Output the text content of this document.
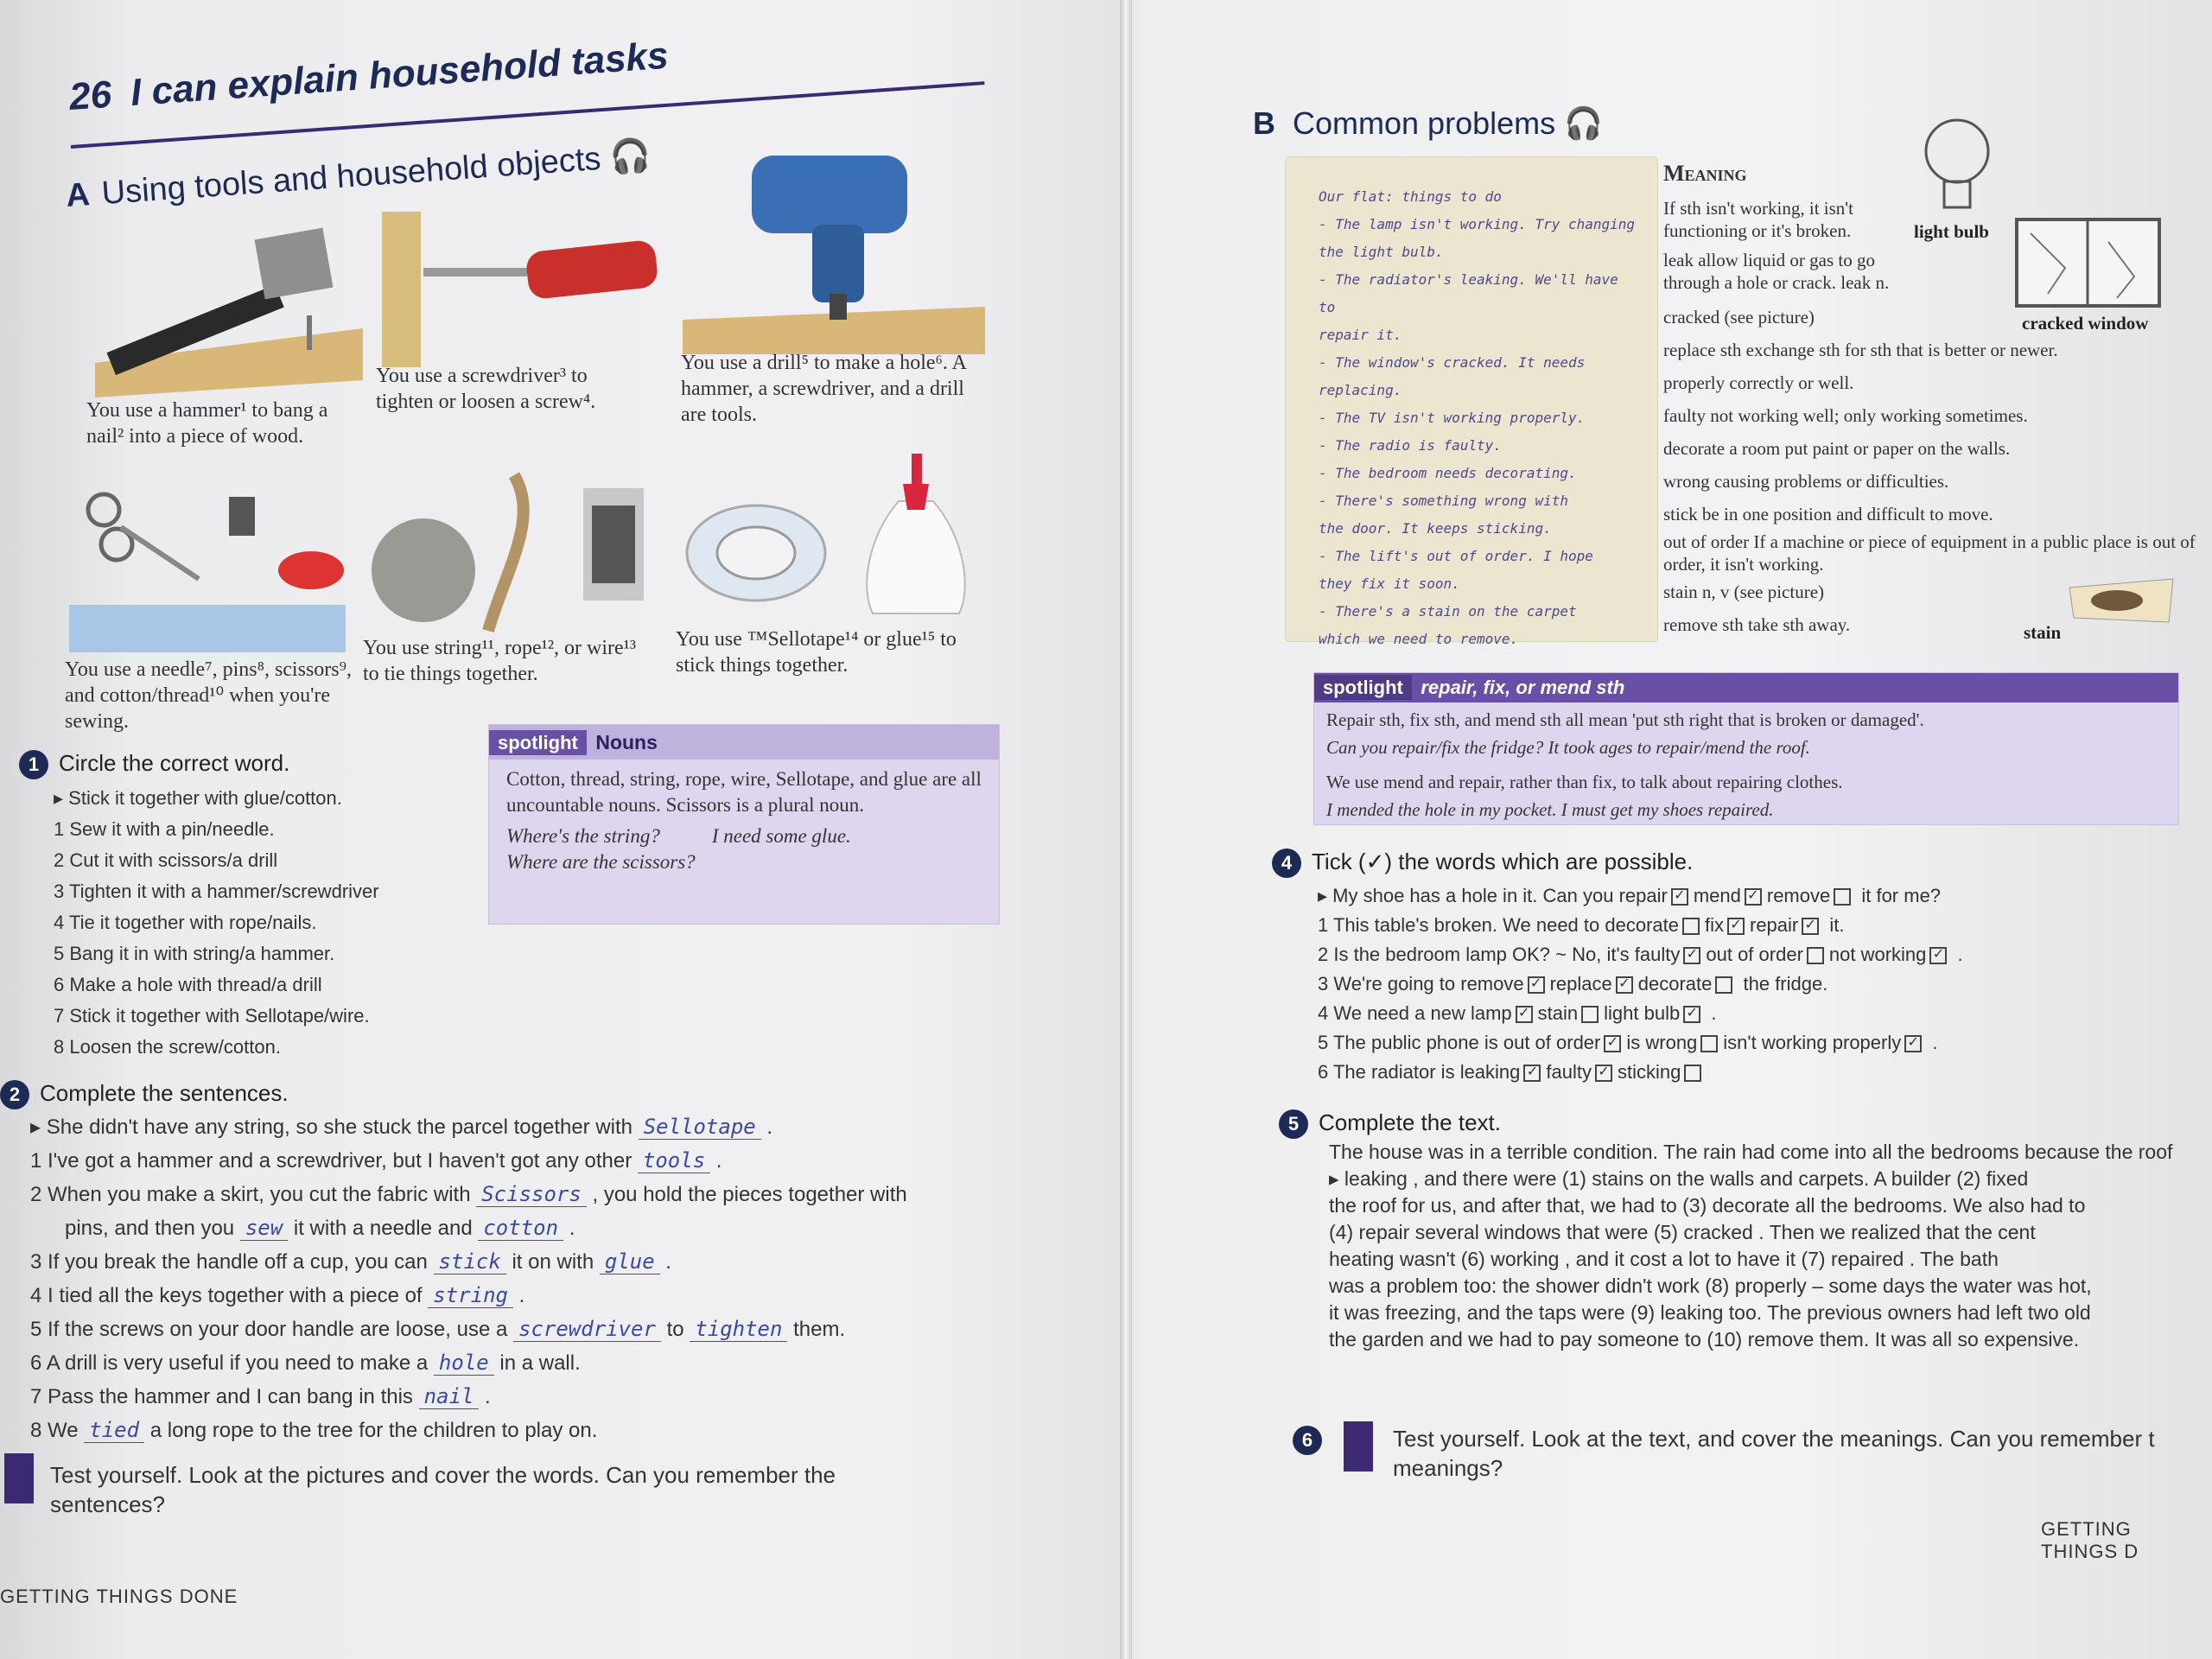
26 I can explain household tasks
A Using tools and household objects 🎧
You use a hammer¹ to bang a nail² into a piece of wood.
You use a screwdriver³ to tighten or loosen a screw⁴.
You use a drill⁵ to make a hole⁶. A hammer, a screwdriver, and a drill are tools.
You use a needle⁷, pins⁸, scissors⁹, and cotton/thread¹⁰ when you're sewing.
You use string¹¹, rope¹², or wire¹³ to tie things together.
You use ™Sellotape¹⁴ or glue¹⁵ to stick things together.
1 Circle the correct word.
▸ Stick it together with glue/cotton.
1 Sew it with a pin/needle.
2 Cut it with scissors/a drill
3 Tighten it with a hammer/screwdriver
4 Tie it together with rope/nails.
5 Bang it in with string/a hammer.
6 Make a hole with thread/a drill
7 Stick it together with Sellotape/wire.
8 Loosen the screw/cotton.
spotlight Nouns
Cotton, thread, string, rope, wire, Sellotape, and glue are all uncountable nouns. Scissors is a plural noun.
Where's the string?	I need some glue.
Where are the scissors?
2 Complete the sentences.
▸ She didn't have any string, so she stuck the parcel together with Sellotape .
1 I've got a hammer and a screwdriver, but I haven't got any other tools .
2 When you make a skirt, you cut the fabric with Scissors , you hold the pieces together with
pins, and then you sew it with a needle and cotton .
3 If you break the handle off a cup, you can stick it on with glue .
4 I tied all the keys together with a piece of string .
5 If the screws on your door handle are loose, use a screwdriver to tighten them.
6 A drill is very useful if you need to make a hole in a wall.
7 Pass the hammer and I can bang in this nail .
8 We tied a long rope to the tree for the children to play on.
Test yourself. Look at the pictures and cover the words. Can you remember the sentences?
GETTING THINGS DONE
B Common problems 🎧
Our flat: things to do
- The lamp isn't working. Try changing
the light bulb.
- The radiator's leaking. We'll have to
repair it.
- The window's cracked. It needs
replacing.
- The TV isn't working properly.
- The radio is faulty.
- The bedroom needs decorating.
- There's something wrong with
the door. It keeps sticking.
- The lift's out of order. I hope
they fix it soon.
- There's a stain on the carpet
which we need to remove.
Meaning
If sth isn't working, it isn't functioning or it's broken.
leak allow liquid or gas to go through a hole or crack. leak n.
cracked (see picture)
replace sth exchange sth for sth that is better or newer.
properly correctly or well.
faulty not working well; only working sometimes.
decorate a room put paint or paper on the walls.
wrong causing problems or difficulties.
stick be in one position and difficult to move.
out of order If a machine or piece of equipment in a public place is out of order, it isn't working.
stain n, v (see picture)
remove sth take sth away.
light bulb
cracked window
stain
spotlight repair, fix, or mend sth
Repair sth, fix sth, and mend sth all mean 'put sth right that is broken or damaged'.
Can you repair/fix the fridge? It took ages to repair/mend the roof.
We use mend and repair, rather than fix, to talk about repairing clothes.
I mended the hole in my pocket. I must get my shoes repaired.
4 Tick (✓) the words which are possible.
▸ My shoe has a hole in it. Can you repair ✓ mend ✓ remove it for me?
1 This table's broken. We need to decorate fix ✓ repair✓ it.
2 Is the bedroom lamp OK? ~ No, it's faulty ✓ out of order not working✓ .
3 We're going to remove ✓ replace ✓ decorate the fridge.
4 We need a new lamp ✓ stain light bulb✓ .
5 The public phone is out of order ✓ is wrong isn't working properly✓ .
6 The radiator is leaking ✓ faulty ✓ sticking
5 Complete the text.
The house was in a terrible condition. The rain had come into all the bedrooms because the roof
▸ leaking , and there were (1) stains on the walls and carpets. A builder (2) fixed
the roof for us, and after that, we had to (3) decorate all the bedrooms. We also had to
(4) repair several windows that were (5) cracked . Then we realized that the cent
heating wasn't (6) working , and it cost a lot to have it (7) repaired . The bath
was a problem too: the shower didn't work (8) properly – some days the water was hot,
it was freezing, and the taps were (9) leaking too. The previous owners had left two old
the garden and we had to pay someone to (10) remove them. It was all so expensive.
6	Test yourself. Look at the text, and cover the meanings. Can you remember t meanings?
GETTING THINGS D
